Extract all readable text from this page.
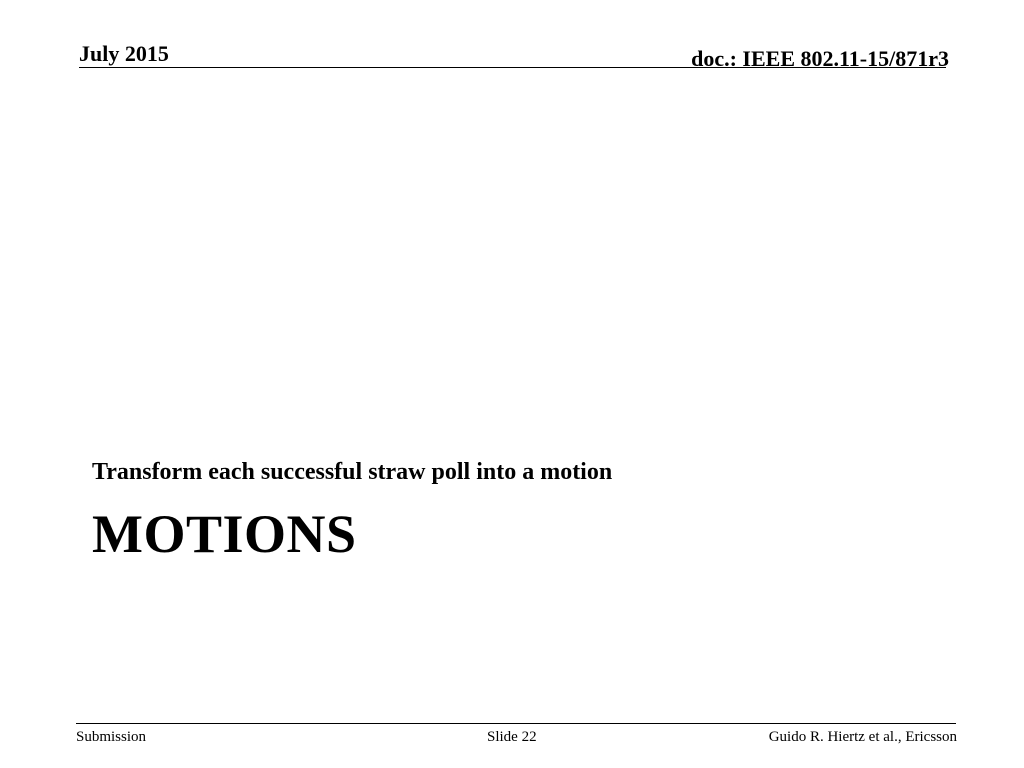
July 2015	doc.: IEEE 802.11-15/871r3
Transform each successful straw poll into a motion
MOTIONS
Submission	Slide 22	Guido R. Hiertz et al., Ericsson
